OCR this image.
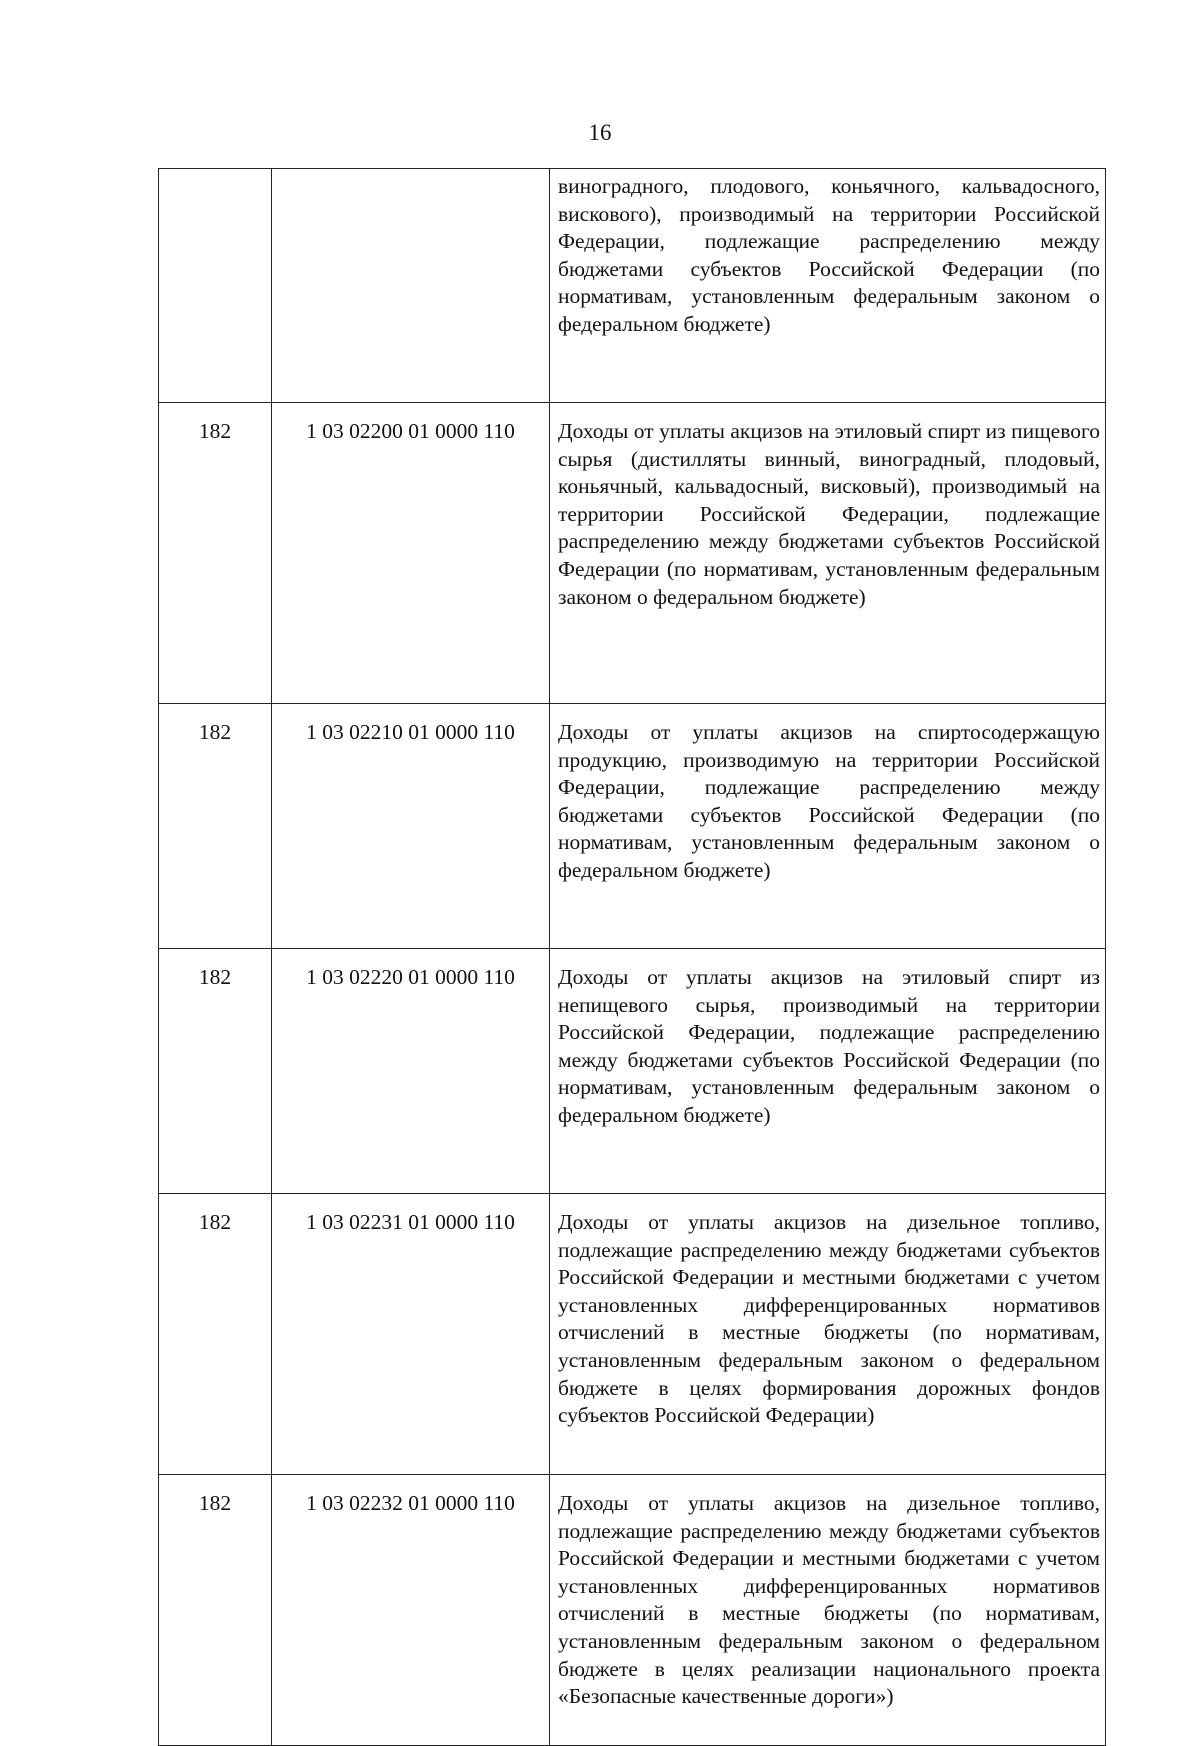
16
		виноградного, плодового, коньячного, кальвадосного, вискового), производимый на территории Российской Федерации, подлежащие распределению между бюджетами субъектов Российской Федерации (по нормативам, установленным федеральным законом о федеральном бюджете)
182	1 03 02200 01 0000 110	Доходы от уплаты акцизов на этиловый спирт из пищевого сырья (дистилляты винный, виноградный, плодовый, коньячный, кальвадосный, висковый), производимый на территории Российской Федерации, подлежащие распределению между бюджетами субъектов Российской Федерации (по нормативам, установленным федеральным законом о федеральном бюджете)
182	1 03 02210 01 0000 110	Доходы от уплаты акцизов на спиртосодержащую продукцию, производимую на территории Российской Федерации, подлежащие распределению между бюджетами субъектов Российской Федерации (по нормативам, установленным федеральным законом о федеральном бюджете)
182	1 03 02220 01 0000 110	Доходы от уплаты акцизов на этиловый спирт из непищевого сырья, производимый на территории Российской Федерации, подлежащие распределению между бюджетами субъектов Российской Федерации (по нормативам, установленным федеральным законом о федеральном бюджете)
182	1 03 02231 01 0000 110	Доходы от уплаты акцизов на дизельное топливо, подлежащие распределению между бюджетами субъектов Российской Федерации и местными бюджетами с учетом установленных дифференцированных нормативов отчислений в местные бюджеты (по нормативам, установленным федеральным законом о федеральном бюджете в целях формирования дорожных фондов субъектов Российской Федерации)
182	1 03 02232 01 0000 110	Доходы от уплаты акцизов на дизельное топливо, подлежащие распределению между бюджетами субъектов Российской Федерации и местными бюджетами с учетом установленных дифференцированных нормативов отчислений в местные бюджеты (по нормативам, установленным федеральным законом о федеральном бюджете в целях реализации национального проекта «Безопасные качественные дороги»)
